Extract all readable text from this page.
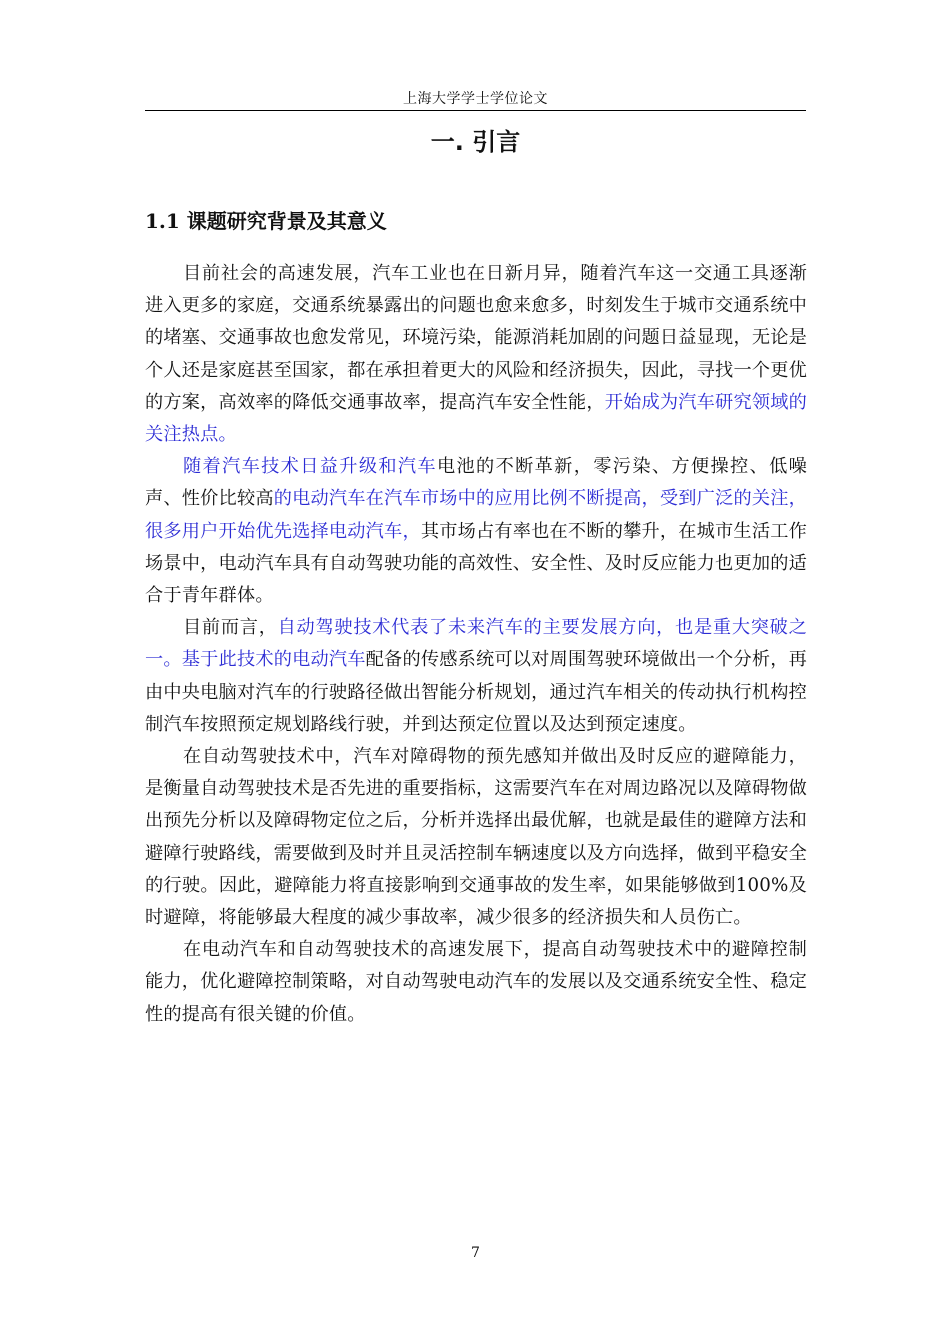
上海大学学士学位论文
一. 引言
1.1 课题研究背景及其意义

目前社会的高速发展，汽车工业也在日新月异，随着汽车这一交通工具逐渐进入更多的家庭，交通系统暴露出的问题也愈来愈多，时刻发生于城市交通系统中的堵塞、交通事故也愈发常见，环境污染，能源消耗加剧的问题日益显现，无论是个人还是家庭甚至国家，都在承担着更大的风险和经济损失，因此，寻找一个更优的方案，高效率的降低交通事故率，提高汽车安全性能，开始成为汽车研究领域的关注热点。

随着汽车技术日益升级和汽车电池的不断革新，零污染、方便操控、低噪声、性价比较高的电动汽车在汽车市场中的应用比例不断提高，受到广泛的关注，很多用户开始优先选择电动汽车，其市场占有率也在不断的攀升，在城市生活工作场景中，电动汽车具有自动驾驶功能的高效性、安全性、及时反应能力也更加的适合于青年群体。

目前而言，自动驾驶技术代表了未来汽车的主要发展方向，也是重大突破之一。基于此技术的电动汽车配备的传感系统可以对周围驾驶环境做出一个分析，再由中央电脑对汽车的行驶路径做出智能分析规划，通过汽车相关的传动执行机构控制汽车按照预定规划路线行驶，并到达预定位置以及达到预定速度。

在自动驾驶技术中，汽车对障碍物的预先感知并做出及时反应的避障能力，是衡量自动驾驶技术是否先进的重要指标，这需要汽车在对周边路况以及障碍物做出预先分析以及障碍物定位之后，分析并选择出最优解，也就是最佳的避障方法和避障行驶路线，需要做到及时并且灵活控制车辆速度以及方向选择，做到平稳安全的行驶。因此，避障能力将直接影响到交通事故的发生率，如果能够做到100%及时避障，将能够最大程度的减少事故率，减少很多的经济损失和人员伤亡。

在电动汽车和自动驾驶技术的高速发展下，提高自动驾驶技术中的避障控制能力，优化避障控制策略，对自动驾驶电动汽车的发展以及交通系统安全性、稳定性的提高有很关键的价值。

7
